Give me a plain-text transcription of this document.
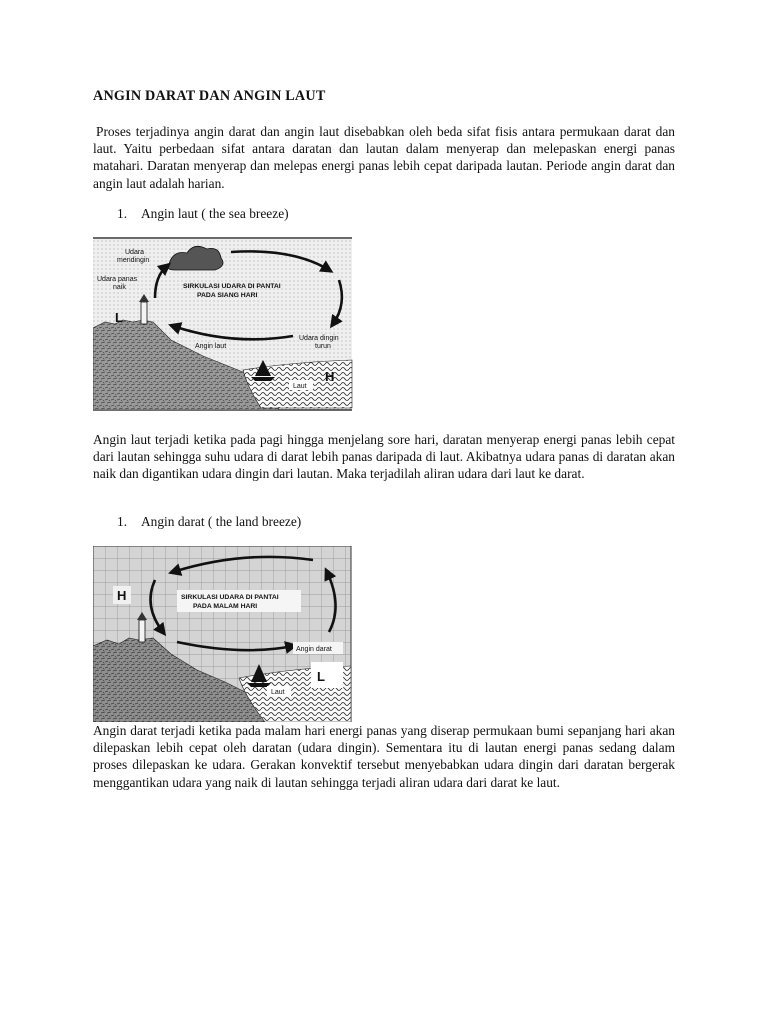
ANGIN DARAT DAN ANGIN LAUT
Proses terjadinya angin darat dan angin laut disebabkan oleh beda sifat fisis antara permukaan darat dan laut. Yaitu perbedaan sifat antara daratan dan lautan dalam menyerap dan melepaskan energi panas matahari. Daratan menyerap dan melepas energi panas lebih cepat daripada lautan. Periode angin darat dan angin laut adalah harian.
1. Angin laut ( the sea breeze)
Udara
mendingin
Udara panas
naik	SIRKULASI UDARA DI PANTAI
PADA SIANG HARI
Angin laut
Udara dingin
turun
Laut
L
H
Angin laut terjadi ketika pada pagi hingga menjelang sore hari, daratan menyerap energi panas lebih cepat dari lautan sehingga suhu udara di darat lebih panas daripada di laut. Akibatnya udara panas di daratan akan naik dan digantikan udara dingin dari lautan. Maka terjadilah aliran udara dari laut ke darat.
1. Angin darat ( the land breeze)
SIRKULASI UDARA DI PANTAI
PADA MALAM HARI
Angin darat
L
H
Laut
Angin darat terjadi ketika pada malam hari energi panas yang diserap permukaan bumi sepanjang hari akan dilepaskan lebih cepat oleh daratan (udara dingin). Sementara itu di lautan energi panas sedang dalam proses dilepaskan ke udara. Gerakan konvektif tersebut menyebabkan udara dingin dari daratan bergerak menggantikan udara yang naik di lautan sehingga terjadi aliran udara dari darat ke laut.
